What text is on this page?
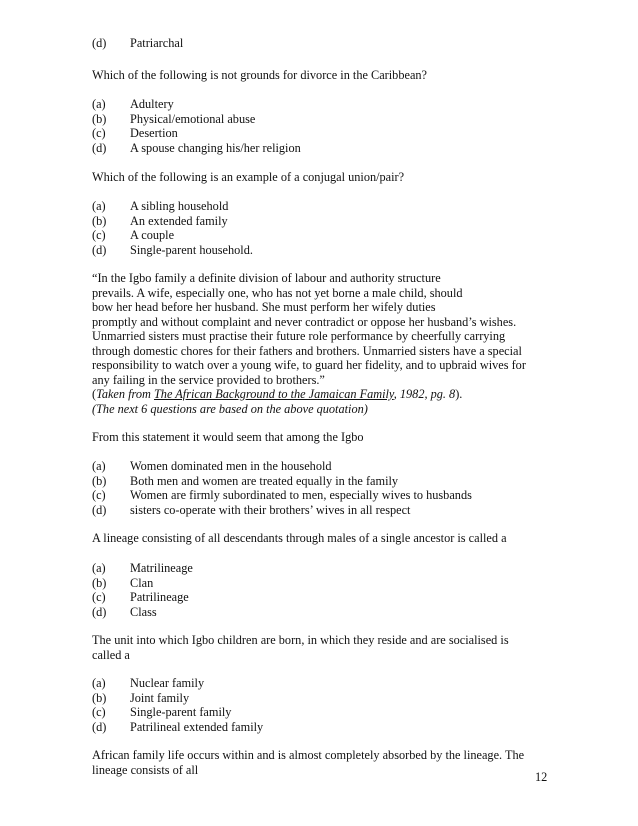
(d) Patriarchal
Which of the following is not grounds for divorce in the Caribbean?
(a) Adultery
(b) Physical/emotional abuse
(c) Desertion
(d) A spouse changing his/her religion
Which of the following is an example of a conjugal union/pair?
(a) A sibling household
(b) An extended family
(c) A couple
(d) Single-parent household.
“In the Igbo family a definite division of labour and authority structure
prevails. A wife, especially one, who has not yet borne a male child, should
bow her head before her husband. She must perform her wifely duties
promptly and without complaint and never contradict or oppose her husband’s wishes.
Unmarried sisters must practise their future role performance by cheerfully carrying
through domestic chores for their fathers and brothers. Unmarried sisters have a special
responsibility to watch over a young wife, to guard her fidelity, and to upbraid wives for
any failing in the service provided to brothers.”
(Taken from The African Background to the Jamaican Family, 1982, pg. 8).
(The next 6 questions are based on the above quotation)
From this statement it would seem that among the Igbo
(a) Women dominated men in the household
(b) Both men and women are treated equally in the family
(c) Women are firmly subordinated to men, especially wives to husbands
(d) sisters co-operate with their brothers’ wives in all respect
A lineage consisting of all descendants through males of a single ancestor is called a
(a) Matrilineage
(b) Clan
(c) Patrilineage
(d) Class
The unit into which Igbo children are born, in which they reside and are socialised is
called a
(a) Nuclear family
(b) Joint family
(c) Single-parent family
(d) Patrilineal extended family
African family life occurs within and is almost completely absorbed by the lineage. The
lineage consists of all
12
